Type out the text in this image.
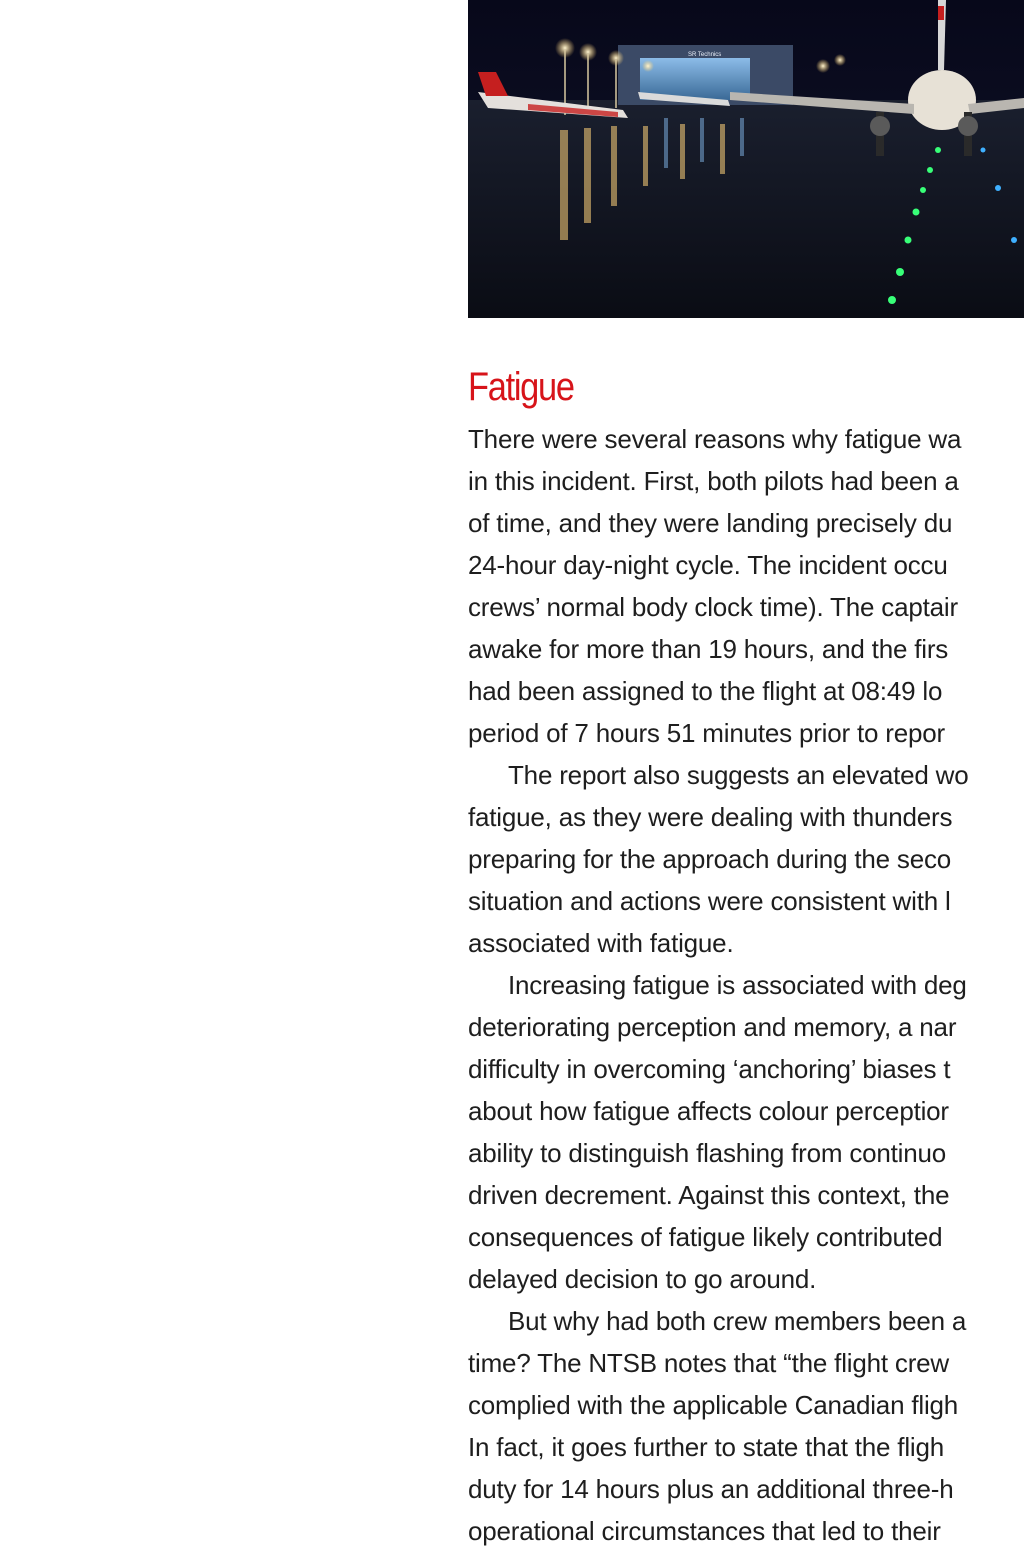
SR Technics
Fatigue
There were several reasons why fatigue wa
in this incident. First, both pilots had been a
of time, and they were landing precisely du
24-hour day-night cycle. The incident occu
crews’ normal body clock time). The captair
awake for more than 19 hours, and the firs
had been assigned to the flight at 08:49 lo
period of 7 hours 51 minutes prior to repor
The report also suggests an elevated wo
fatigue, as they were dealing with thunders
preparing for the approach during the seco
situation and actions were consistent with l
associated with fatigue.
Increasing fatigue is associated with deg
deteriorating perception and memory, a nar
difficulty in overcoming ‘anchoring’ biases t
about how fatigue affects colour perceptior
ability to distinguish flashing from continuo
driven decrement. Against this context, the
consequences of fatigue likely contributed
delayed decision to go around.
But why had both crew members been a
time? The NTSB notes that “the flight crew
complied with the applicable Canadian fligh
In fact, it goes further to state that the fligh
duty for 14 hours plus an additional three-h
operational circumstances that led to their
